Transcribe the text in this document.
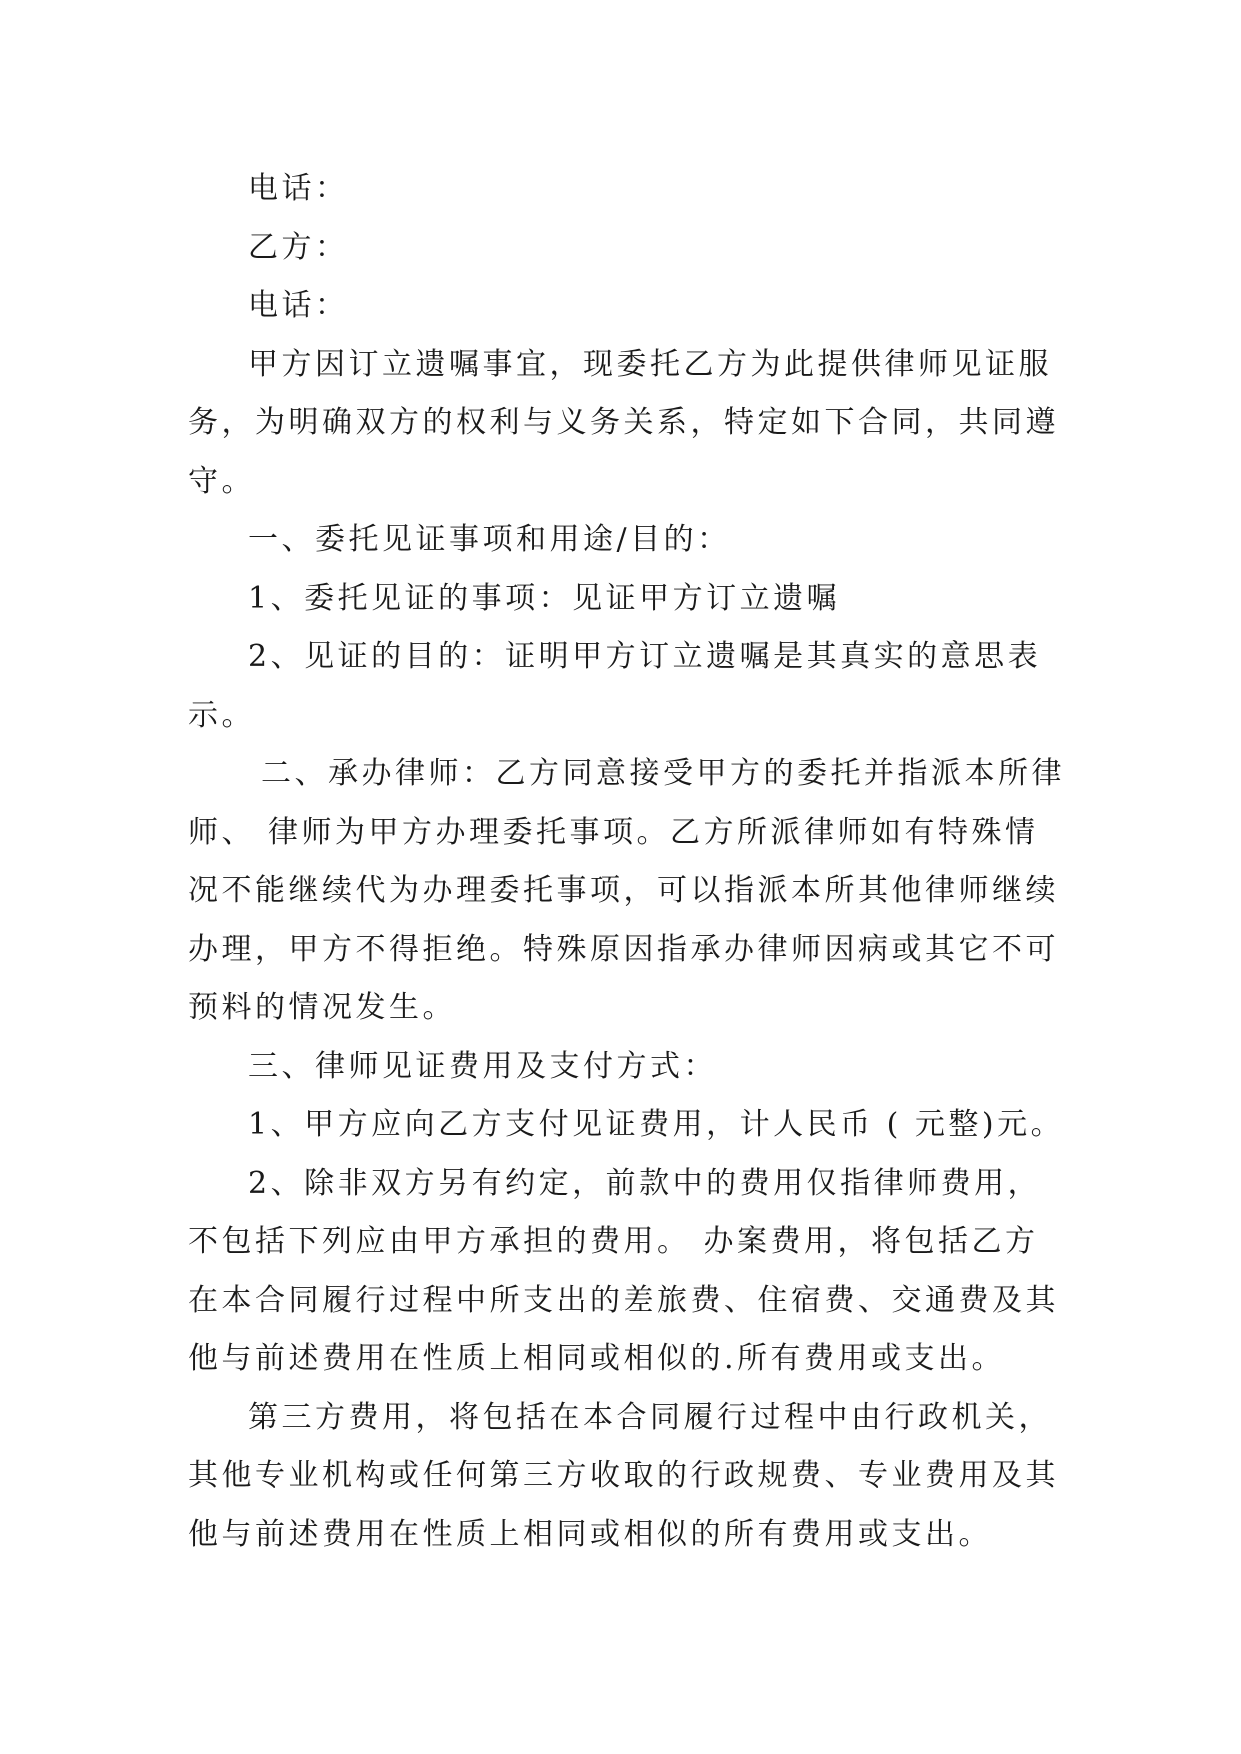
电话：

乙方：

电话：

甲方因订立遗嘱事宜，现委托乙方为此提供律师见证服务，为明确双方的权利与义务关系，特定如下合同，共同遵守。

一、委托见证事项和用途/目的：

1、委托见证的事项：见证甲方订立遗嘱

2、见证的目的：证明甲方订立遗嘱是其真实的意思表示。

二、承办律师：乙方同意接受甲方的委托并指派本所律师、 律师为甲方办理委托事项。乙方所派律师如有特殊情况不能继续代为办理委托事项，可以指派本所其他律师继续办理，甲方不得拒绝。特殊原因指承办律师因病或其它不可预料的情况发生。

三、律师见证费用及支付方式：

1、甲方应向乙方支付见证费用，计人民币 ( 元整)元。

2、除非双方另有约定，前款中的费用仅指律师费用，不包括下列应由甲方承担的费用。 办案费用，将包括乙方在本合同履行过程中所支出的差旅费、住宿费、交通费及其他与前述费用在性质上相同或相似的.所有费用或支出。

第三方费用，将包括在本合同履行过程中由行政机关，其他专业机构或任何第三方收取的行政规费、专业费用及其他与前述费用在性质上相同或相似的所有费用或支出。
